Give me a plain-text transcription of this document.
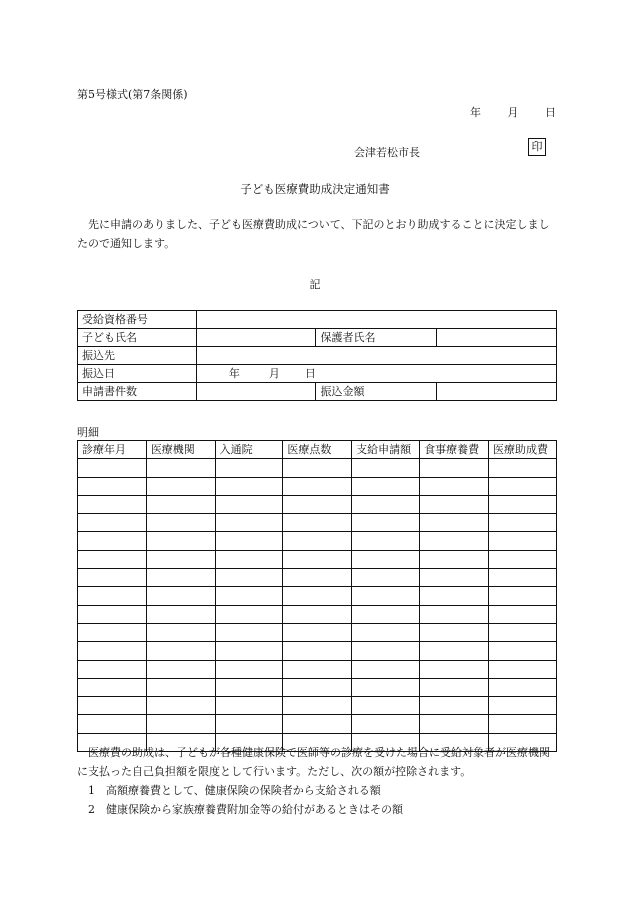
第5号様式(第7条関係)
年 月 日
会津若松市長	印
子ども医療費助成決定通知書
先に申請のありました、子ども医療費助成について、下記のとおり助成することに決定しましたので通知します。
記
受給資格番号			
子ども氏名		保護者氏名	
振込先			
振込日	年 月 日		
申請書件数		振込金額	
明細
診療年月	医療機関	入通院	医療点数	支給申請額	食事療養費	医療助成費

医療費の助成は、子どもが各種健康保険で医師等の診療を受けた場合に受給対象者が医療機関に支払った自己負担額を限度として行います。ただし、次の額が控除されます。
1 高額療養費として、健康保険の保険者から支給される額
2 健康保険から家族療養費附加金等の給付があるときはその額
